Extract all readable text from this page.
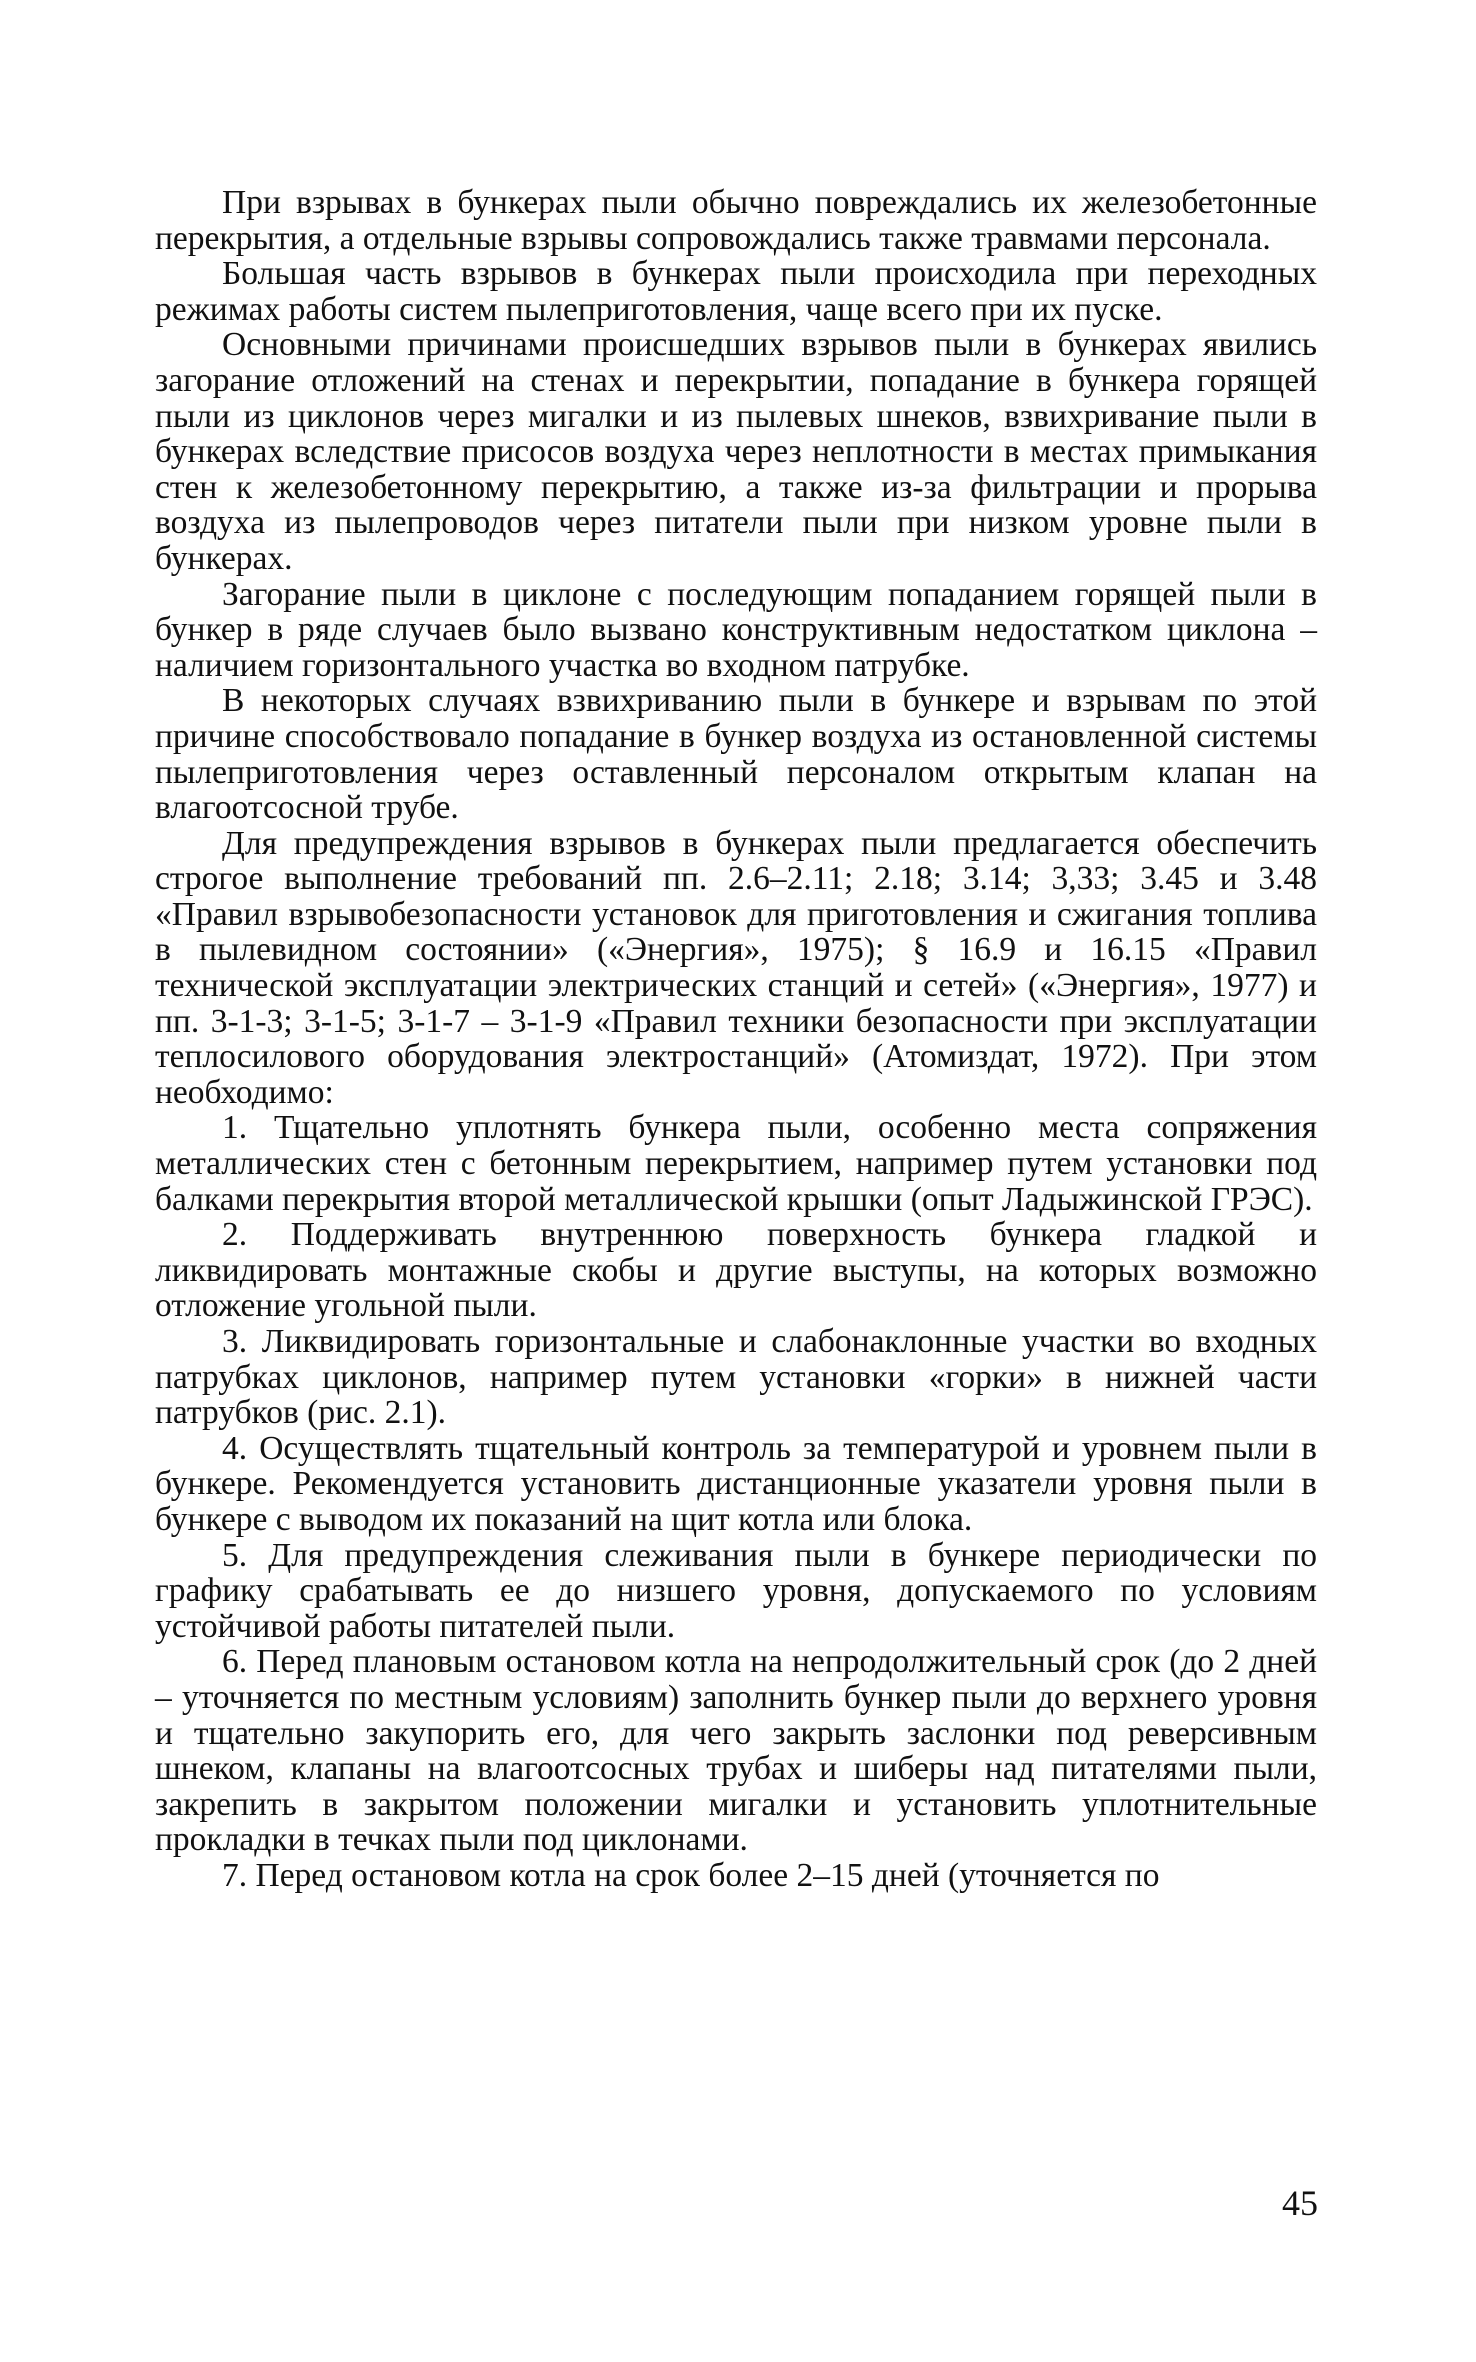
При взрывах в бункерах пыли обычно повреждались их железобетонные перекрытия, а отдельные взрывы сопровождались также травмами персонала.

Большая часть взрывов в бункерах пыли происходила при переходных режимах работы систем пылеприготовления, чаще всего при их пуске.

Основными причинами происшедших взрывов пыли в бункерах явились загорание отложений на стенах и перекрытии, попадание в бункера горящей пыли из циклонов через мигалки и из пылевых шнеков, взвихривание пыли в бункерах вследствие присосов воздуха через неплотности в местах примыкания стен к железобетонному перекрытию, а также из-за фильтрации и прорыва воздуха из пылепроводов через питатели пыли при низком уровне пыли в бункерах.

Загорание пыли в циклоне с последующим попаданием горящей пыли в бункер в ряде случаев было вызвано конструктивным недостатком циклона – наличием горизонтального участка во входном патрубке.

В некоторых случаях взвихриванию пыли в бункере и взрывам по этой причине способствовало попадание в бункер воздуха из остановленной системы пылеприготовления через оставленный персоналом открытым клапан на влагоотсосной трубе.

Для предупреждения взрывов в бункерах пыли предлагается обеспечить строгое выполнение требований пп. 2.6–2.11; 2.18; 3.14; 3,33; 3.45 и 3.48 «Правил взрывобезопасности установок для приготовления и сжигания топлива в пылевидном состоянии» («Энергия», 1975); § 16.9 и 16.15 «Правил технической эксплуатации электрических станций и сетей» («Энергия», 1977) и пп. 3-1-3; 3-1-5; 3-1-7 – 3-1-9 «Правил техники безопасности при эксплуатации теплосилового оборудования электростанций» (Атомиздат, 1972). При этом необходимо:

1. Тщательно уплотнять бункера пыли, особенно места сопряжения металлических стен с бетонным перекрытием, например путем установки под балками перекрытия второй металлической крышки (опыт Ладыжинской ГРЭС).

2. Поддерживать внутреннюю поверхность бункера гладкой и ликвидировать монтажные скобы и другие выступы, на которых возможно отложение угольной пыли.

3. Ликвидировать горизонтальные и слабонаклонные участки во входных патрубках циклонов, например путем установки «горки» в нижней части патрубков (рис. 2.1).

4. Осуществлять тщательный контроль за температурой и уровнем пыли в бункере. Рекомендуется установить дистанционные указатели уровня пыли в бункере с выводом их показаний на щит котла или блока.

5. Для предупреждения слеживания пыли в бункере периодически по графику срабатывать ее до низшего уровня, допускаемого по условиям устойчивой работы питателей пыли.

6. Перед плановым остановом котла на непродолжительный срок (до 2 дней – уточняется по местным условиям) заполнить бункер пыли до верхнего уровня и тщательно закупорить его, для чего закрыть заслонки под реверсивным шнеком, клапаны на влагоотсосных трубах и шиберы над питателями пыли, закрепить в закрытом положении мигалки и установить уплотнительные прокладки в течках пыли под циклонами.

7. Перед остановом котла на срок более 2–15 дней (уточняется по

45
